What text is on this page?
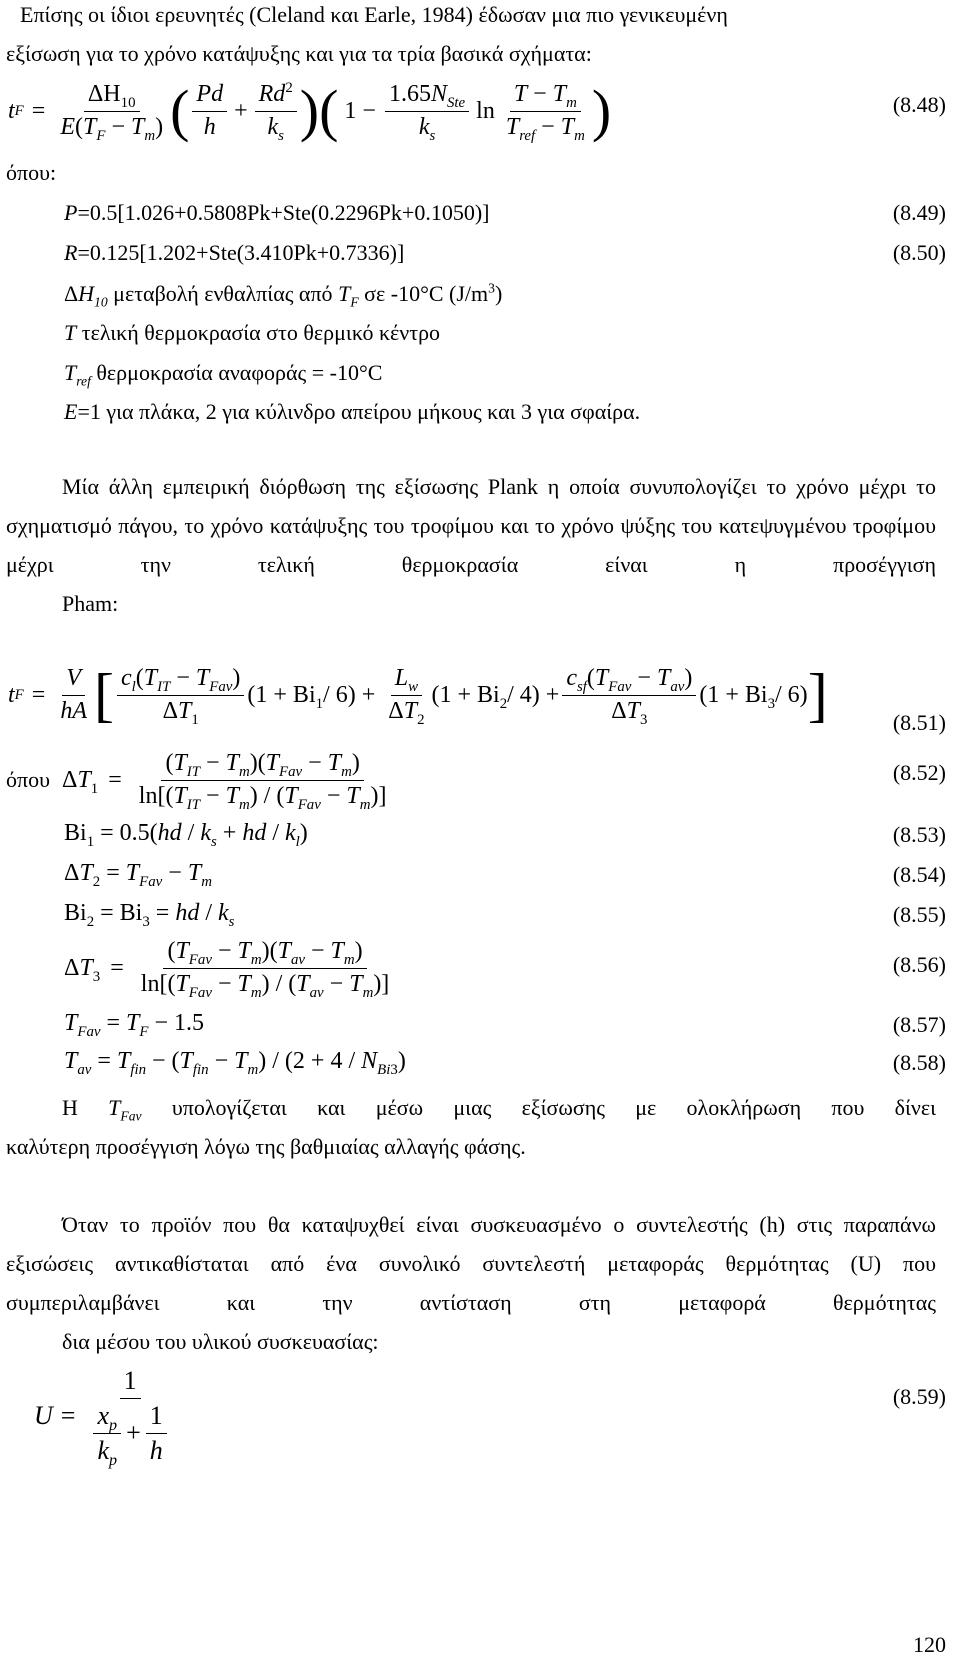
Επίσης οι ίδιοι ερευνητές (Cleland και Earle, 1984) έδωσαν μια πιο γενικευμένη
εξίσωση για το χρόνο κατάψυξης και για τα τρία βασικά σχήματα:
t $F = \frac{\Delta H_{10}}{E(T_F - T_m)}$ ( $\frac{Pd}{h} + \frac{Rd^2}{k_s}$ ) ( $1 - \frac{1.65N_{Ste}}{k_s}$ $\ln \frac{T - T_m}{T_{ref} - T_m}$ )	(8.48)
όπου:
P=0.5[1.026+0.5808Pk+Ste(0.2296Pk+0.1050)]	(8.49)
R=0.125[1.202+Ste(3.410Pk+0.7336)]	(8.50)
$\Delta H_{10}$ μεταβολή ενθαλπίας από $T_F$ σε -10°C $(J/m^3)$
T τελική θερμοκρασία στο θερμικό κέντρο
$T_{ref}$ θερμοκρασία αναφοράς = -10°C
E=1 για πλάκα, 2 για κύλινδρο απείρου μήκους και 3 για σφαίρα.
Μία άλλη εμπειρική διόρθωση της εξίσωσης Plank η οποία συνυπολογίζει το χρόνο μέχρι το σχηματισμό πάγου, το χρόνο κατάψυξης του τροφίμου και το χρόνο ψύξης του κατεψυγμένου τροφίμου μέχρι την τελική θερμοκρασία είναι η προσέγγιση
Pham:
t $F = \frac{V}{hA}$ [ $\frac{c_l(T_{IT} - T_{Fav})}{\Delta T_1} (1 + Bi_1/$ $6) + \frac{L_w}{\Delta T_2} (1 + Bi_2/$ $4) + \frac{c_{sf}(T_{Fav} - T_{av})}{\Delta T_3} (1 + Bi_3/$ 6) ]	(8.51)
όπου $\Delta T_1 = \frac{(T_{IT} - T_m)(T_{Fav} - T_m)}{\ln[(T_{IT} - T_m) / (T_{Fav} - T_m)]}$	(8.52)
$Bi_1 = 0.5(hd / k_s$ + hd / $k_l$)	(8.53)
$\Delta T_2 = T_{Fav} - T_m$	(8.54)
$Bi_2 = Bi_3$ = hd / $k_s$	(8.55)
$\Delta T_3 = \frac{(T_{Fav} - T_m)(T_{av} - T_m)}{\ln[(T_{Fav} - T_m) / (T_{av} - T_m)]}$	(8.56)
$T_{Fav} = T_F - 1.5$	(8.57)
$T_{av} = T_{fin} - (T_{fin} - T_m) / (2 + 4 / N_{Bi3})$	(8.58)
Η $T_{Fav}$ υπολογίζεται και μέσω μιας εξίσωσης με ολοκλήρωση που δίνει
καλύτερη προσέγγιση λόγω της βαθμιαίας αλλαγής φάσης.
Όταν το προϊόν που θα καταψυχθεί είναι συσκευασμένο ο συντελεστής (h) στις παραπάνω εξισώσεις αντικαθίσταται από ένα συνολικό συντελεστή μεταφοράς θερμότητας (U) που συμπεριλαμβάνει και την αντίσταση στη μεταφορά θερμότητας
δια μέσου του υλικού συσκευασίας:
$U = \frac{1}{\frac{x_p}{k_p} + \frac{1}{h}}$	(8.59)
120
